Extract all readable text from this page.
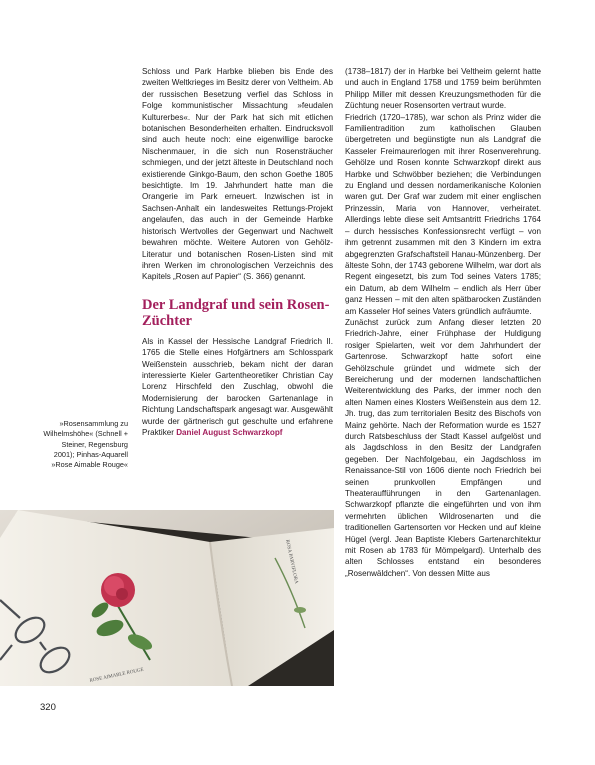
Schloss und Park Harbke blieben bis Ende des zweiten Weltkrieges im Besitz derer von Veltheim. Ab der russischen Besetzung verfiel das Schloss in Folge kommunistischer Missachtung »feudalen Kulturerbes«. Nur der Park hat sich mit etlichen botanischen Besonderheiten erhalten. Eindrucksvoll sind auch heute noch: eine eigenwillige barocke Nischenmauer, in die sich nun Rosensträucher schmiegen, und der jetzt älteste in Deutschland noch existierende Ginkgo-Baum, den schon Goethe 1805 besichtigte. Im 19. Jahrhundert hatte man die Orangerie im Park erneuert. Inzwischen ist in Sachsen-Anhalt ein landesweites Rettungs-Projekt angelaufen, das auch in der Gemeinde Harbke historisch Wertvolles der Gegenwart und Nachwelt bewahren möchte. Weitere Autoren von Gehölz-Literatur und botanischen Rosen-Listen sind mit ihren Werken im chronologischen Verzeichnis des Kapitels „Rosen auf Papier“ (S. 366) genannt.

Der Landgraf und sein Rosen-Züchter

Als in Kassel der Hessische Landgraf Friedrich II. 1765 die Stelle eines Hofgärtners am Schlosspark Weißenstein ausschrieb, bekam nicht der daran interessierte Kieler Gartentheoretiker Christian Cay Lorenz Hirschfeld den Zuschlag, obwohl die Modernisierung der barocken Gartenanlage in Richtung Landschaftspark angesagt war. Ausgewählt wurde der gärtnerisch gut geschulte und erfahrene Praktiker Daniel August Schwarzkopf

(1738–1817) der in Harbke bei Veltheim gelernt hatte und auch in England 1758 und 1759 beim berühmten Philipp Miller mit dessen Kreuzungsmethoden für die Züchtung neuer Rosensorten vertraut wurde.

Friedrich (1720–1785), war schon als Prinz wider die Familientradition zum katholischen Glauben übergetreten und begünstigte nun als Landgraf die Kasseler Freimaurerlogen mit ihrer Rosenverehrung. Gehölze und Rosen konnte Schwarzkopf direkt aus Harbke und Schwöbber beziehen; die Verbindungen zu England und dessen nordamerikanische Kolonien waren gut. Der Graf war zudem mit einer englischen Prinzessin, Maria von Hannover, verheiratet. Allerdings lebte diese seit Amtsantritt Friedrichs 1764 – durch hessisches Konfessionsrecht verfügt – von ihm getrennt zusammen mit den 3 Kindern im extra abgegrenzten Grafschaftsteil Hanau-Münzenberg. Der älteste Sohn, der 1743 geborene Wilhelm, war dort als Regent eingesetzt, bis zum Tod seines Vaters 1785; ein Datum, ab dem Wilhelm – endlich als Herr über ganz Hessen – mit den alten spätbarocken Zuständen am Kasseler Hof seines Vaters gründlich aufräumte.

Zunächst zurück zum Anfang dieser letzten 20 Friedrich-Jahre, einer Frühphase der Huldigung rosiger Spielarten, weit vor dem Jahrhundert der Gartenrose. Schwarzkopf hatte sofort eine Gehölzschule gründet und widmete sich der Bereicherung und der modernen landschaftlichen Weiterentwicklung des Parks, der immer noch den alten Namen eines Klosters Weißenstein aus dem 12. Jh. trug, das zum territorialen Besitz des Bischofs von Mainz gehörte. Nach der Reformation wurde es 1527 durch Ratsbeschluss der Stadt Kassel aufgelöst und als Jagdschloss in den Besitz der Landgrafen gegeben. Der Nachfolgebau, ein Jagdschloss im Renaissance-Stil von 1606 diente noch Friedrich bei seinen prunkvollen Empfängen und Theateraufführungen in den Gartenanlagen. Schwarzkopf pflanzte die eingeführten und von ihm vermehrten üblichen Wildrosenarten und die traditionellen Gartensorten vor Hecken und auf kleine Hügel (vergl. Jean Baptiste Klebers Gartenarchitektur mit Rosen ab 1783 für Mömpelgard). Unterhalb des alten Schlosses entstand ein besonderes „Rosenwäldchen“. Von dessen Mitte aus

»Rosensammlung zu Wilhelmshöhe« (Schnell + Steiner, Regensburg 2001); Pinhas-Aquarell »Rose Aimable Rouge«
ROSE AIMABLE ROUGE
ROSA PARVIFLORA
320
